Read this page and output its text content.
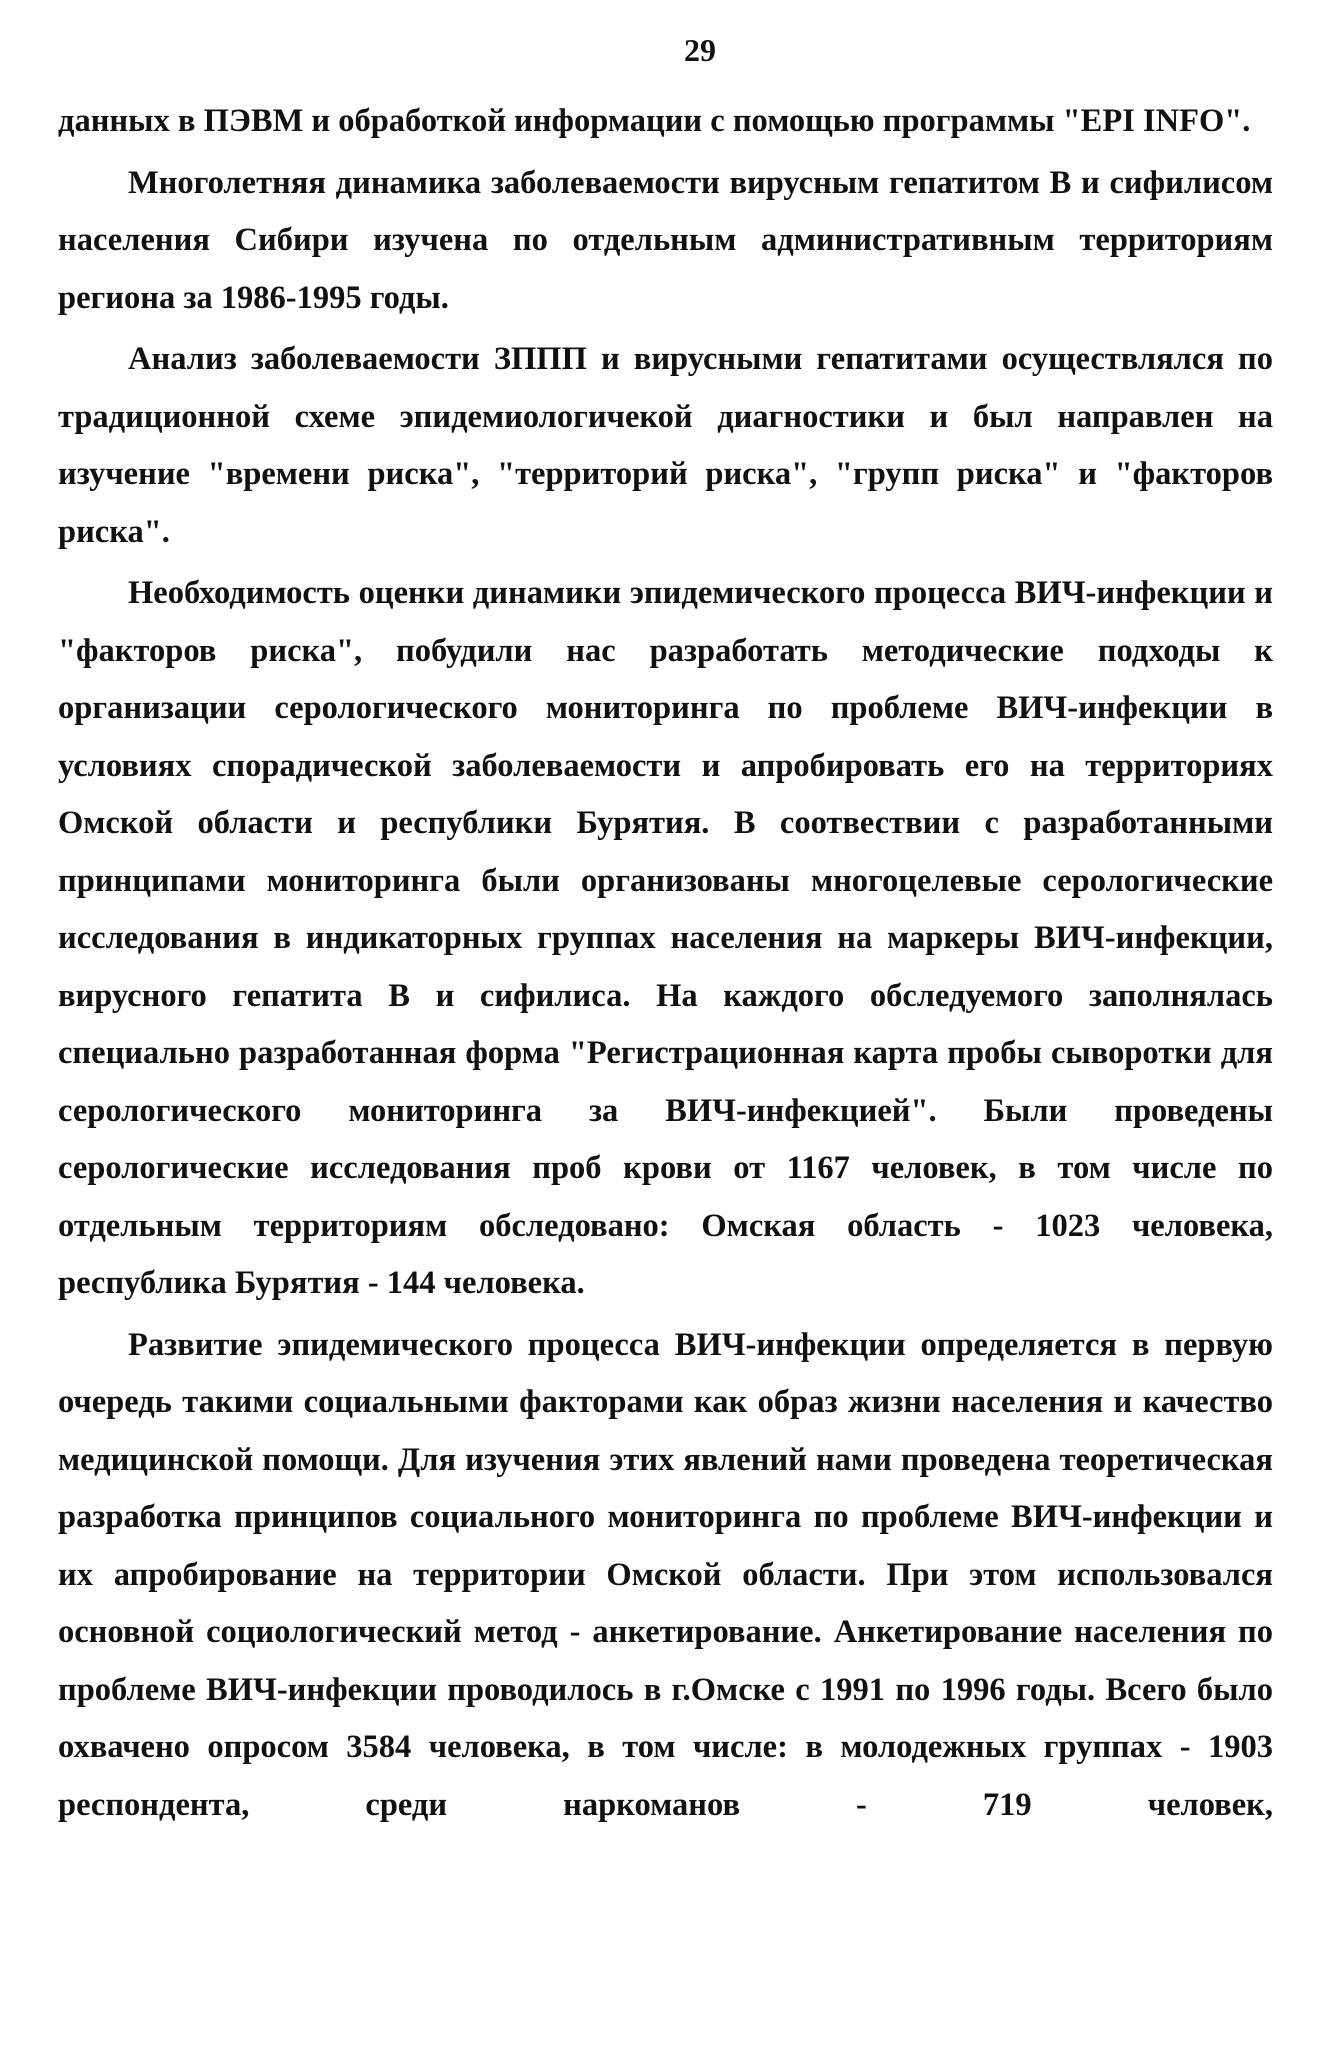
29

данных в ПЭВМ и обработкой информации с помощью программы "EPI INFO".

Многолетняя динамика заболеваемости вирусным гепатитом В и сифилисом населения Сибири изучена по отдельным административным территориям региона за 1986-1995 годы.

Анализ заболеваемости ЗППП и вирусными гепатитами осуществлялся по традиционной схеме эпидемиологичекой диагностики и был направлен на изучение "времени риска", "территорий риска", "групп риска" и "факторов риска".

Необходимость оценки динамики эпидемического процесса ВИЧ-инфекции и "факторов риска", побудили нас разработать методические подходы к организации серологического мониторинга по проблеме ВИЧ-инфекции в условиях спорадической заболеваемости и апробировать его на территориях Омской области и республики Бурятия. В соотвествии с разработанными принципами мониторинга были организованы многоцелевые серологические исследования в индикаторных группах населения на маркеры ВИЧ-инфекции, вирусного гепатита В и сифилиса. На каждого обследуемого заполнялась специально разработанная форма "Регистрационная карта пробы сыворотки для серологического мониторинга за ВИЧ-инфекцией". Были проведены серологические исследования проб крови от 1167 человек, в том числе по отдельным территориям обследовано: Омская область - 1023 человека, республика Бурятия - 144 человека.

Развитие эпидемического процесса ВИЧ-инфекции определяется в первую очередь такими социальными факторами как образ жизни населения и качество медицинской помощи. Для изучения этих явлений нами проведена теоретическая разработка принципов социального мониторинга по проблеме ВИЧ-инфекции и их апробирование на территории Омской области. При этом использовался основной социологический метод - анкетирование. Анкетирование населения по проблеме ВИЧ-инфекции проводилось в г.Омске с 1991 по 1996 годы. Всего было охвачено опросом 3584 человека, в том числе: в молодежных группах - 1903 респондента, среди наркоманов - 719 человек,
